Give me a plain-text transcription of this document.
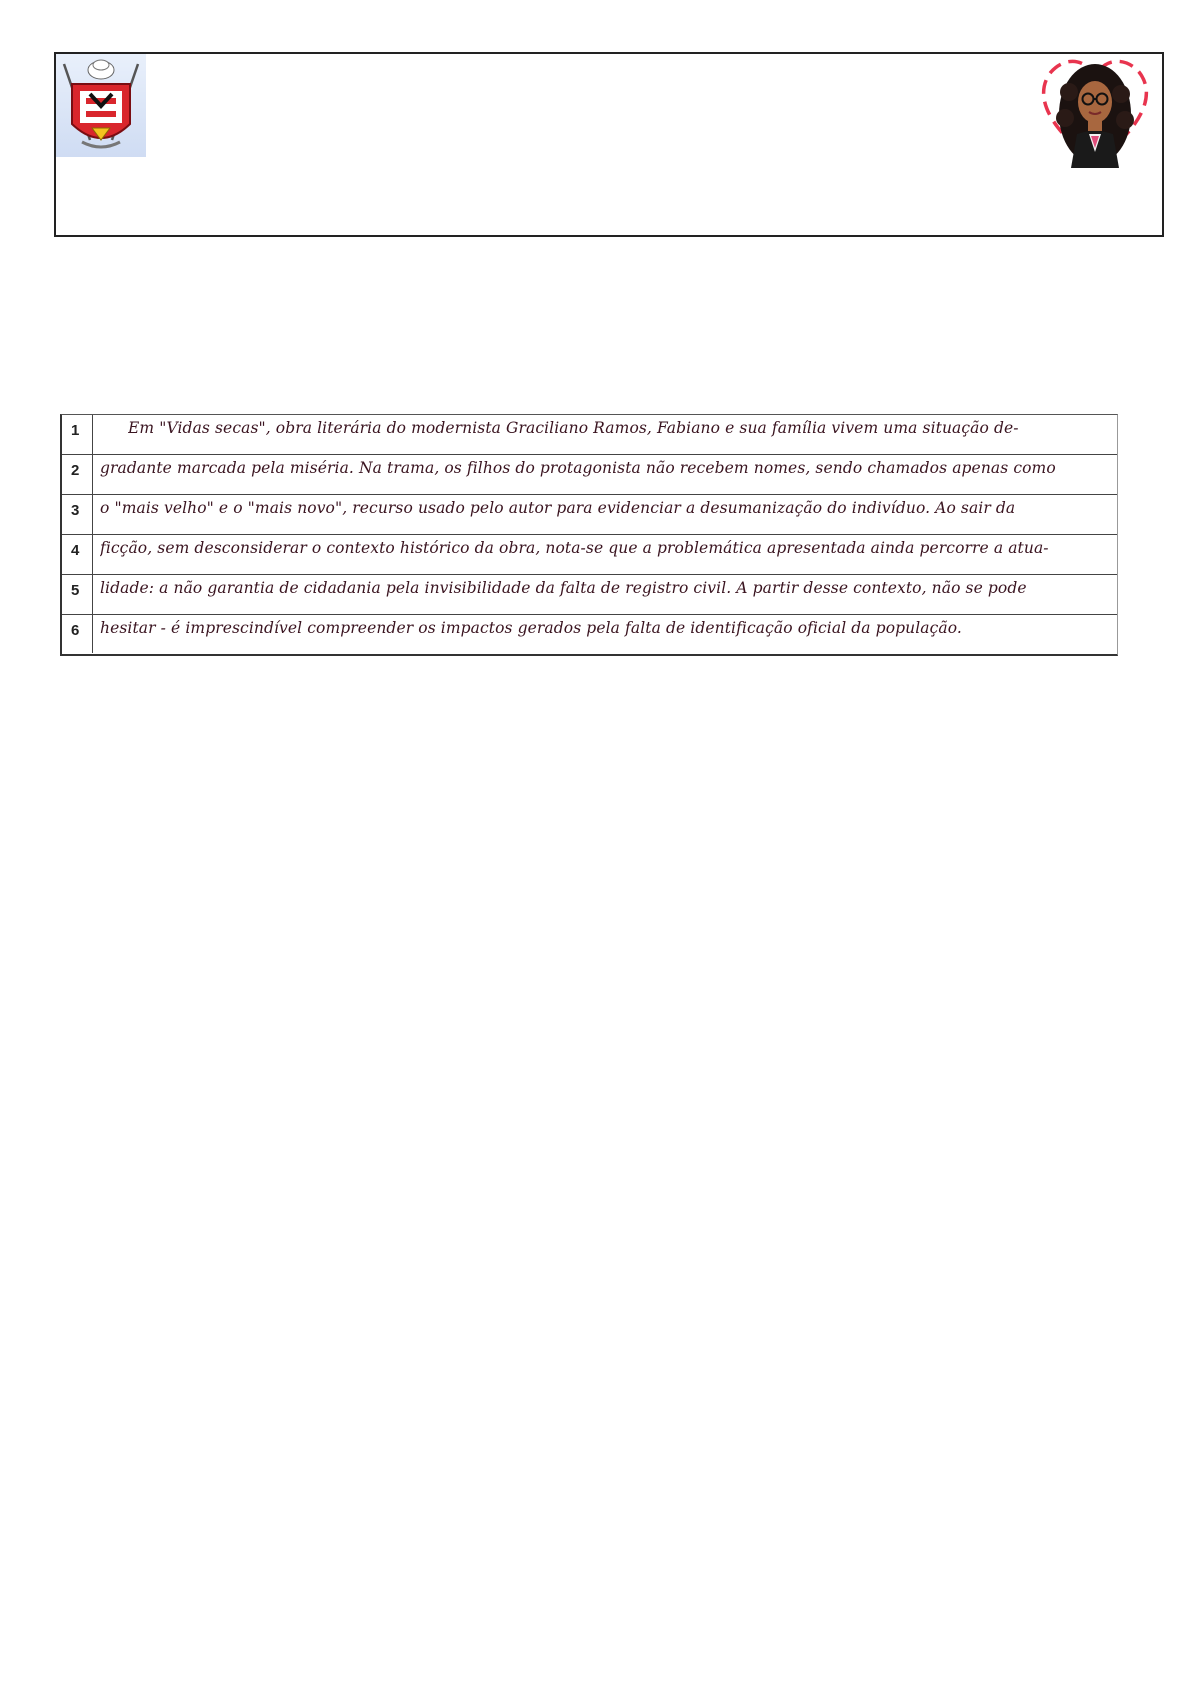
1	Em "Vidas secas", obra literária do modernista Graciliano Ramos, Fabiano e sua família vivem uma situação de-
2	gradante marcada pela miséria. Na trama, os filhos do protagonista não recebem nomes, sendo chamados apenas como
3	o "mais velho" e o "mais novo", recurso usado pelo autor para evidenciar a desumanização do indivíduo. Ao sair da
4	ficção, sem desconsiderar o contexto histórico da obra, nota-se que a problemática apresentada ainda percorre a atua-
5	lidade: a não garantia de cidadania pela invisibilidade da falta de registro civil. A partir desse contexto, não se pode
6	hesitar - é imprescindível compreender os impactos gerados pela falta de identificação oficial da população.
